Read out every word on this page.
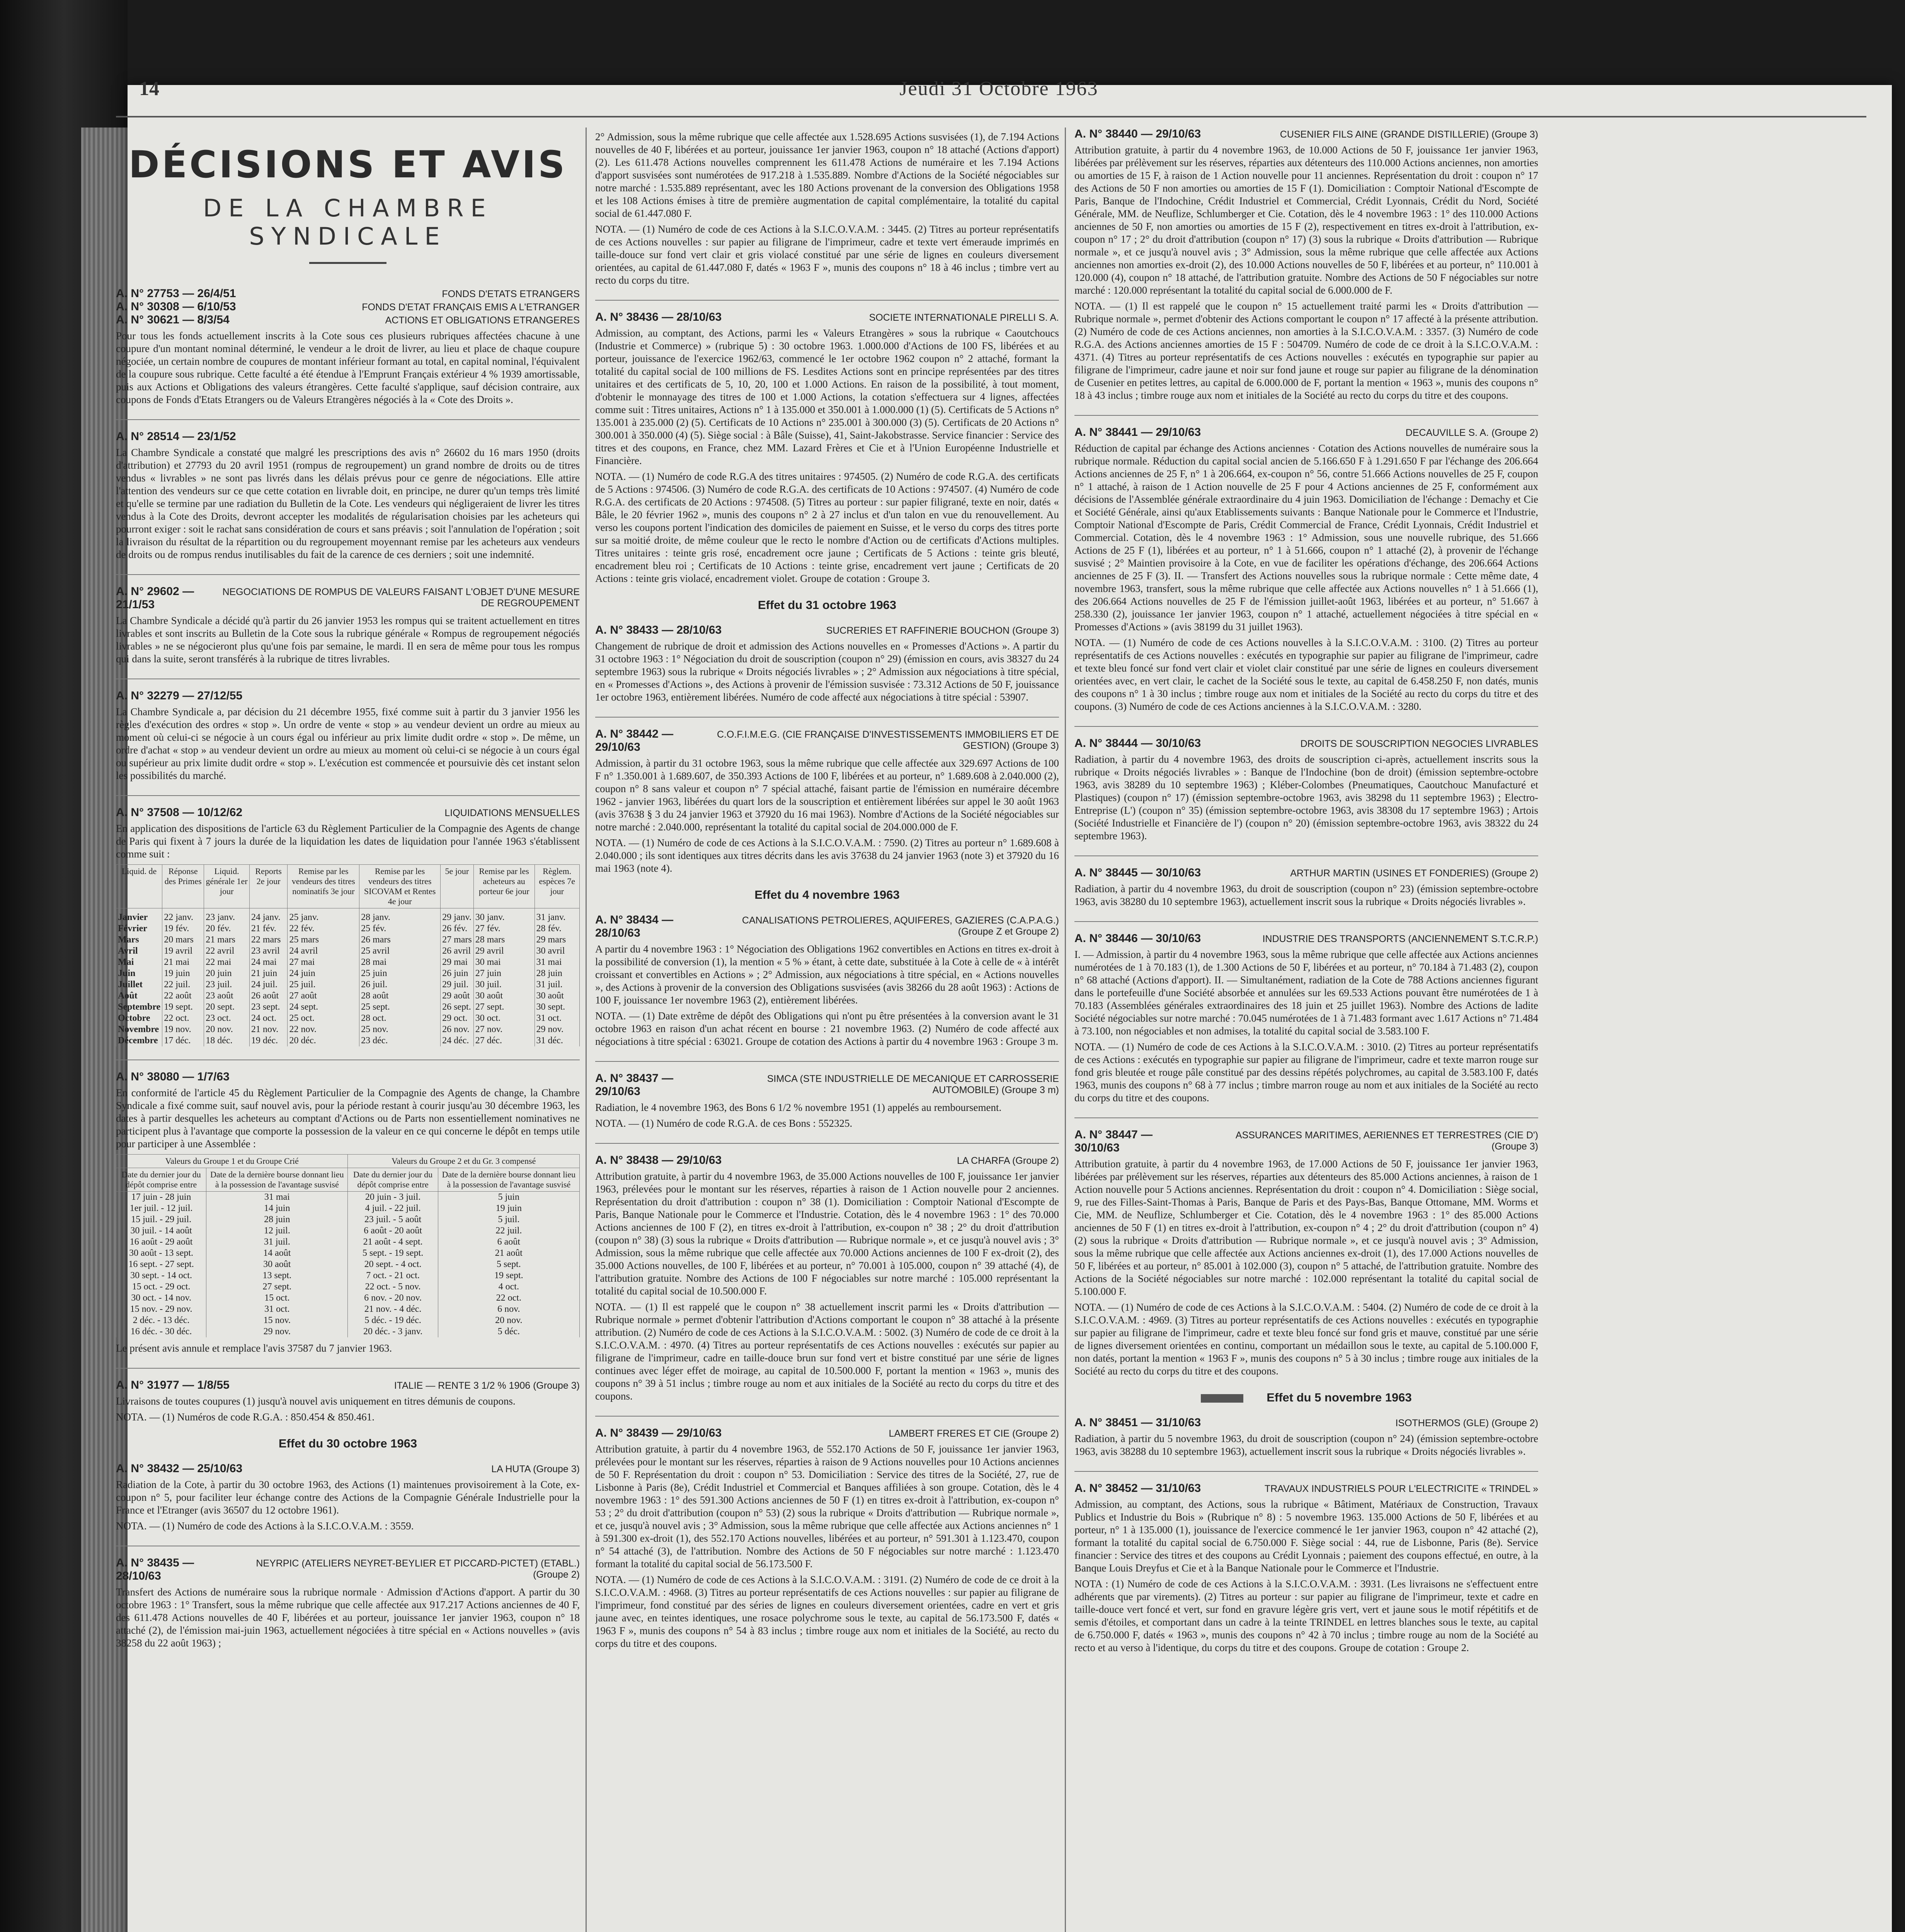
14	Jeudi 31 Octobre 1963
DÉCISIONS ET AVIS
DE LA CHAMBRE SYNDICALE
A. N° 27753 — 26/4/51	FONDS D'ETATS ETRANGERS
A. N° 30308 — 6/10/53	FONDS D'ETAT FRANÇAIS EMIS A L'ETRANGER
A. N° 30621 — 8/3/54	ACTIONS ET OBLIGATIONS ETRANGERES

Pour tous les fonds actuellement inscrits à la Cote sous ces plusieurs rubriques affectées chacune à une coupure d'un montant nominal déterminé, le vendeur a le droit de livrer, au lieu et place de chaque coupure négociée, un certain nombre de coupures de montant inférieur formant au total, en capital nominal, l'équivalent de la coupure sous rubrique. Cette faculté a été étendue à l'Emprunt Français extérieur 4 % 1939 amortissable, puis aux Actions et Obligations des valeurs étrangères. Cette faculté s'applique, sauf décision contraire, aux coupons de Fonds d'Etats Etrangers ou de Valeurs Etrangères négociés à la « Cote des Droits ».

A. N° 28514 — 23/1/52

La Chambre Syndicale a constaté que malgré les prescriptions des avis n° 26602 du 16 mars 1950 (droits d'attribution) et 27793 du 20 avril 1951 (rompus de regroupement) un grand nombre de droits ou de titres vendus « livrables » ne sont pas livrés dans les délais prévus pour ce genre de négociations. Elle attire l'attention des vendeurs sur ce que cette cotation en livrable doit, en principe, ne durer qu'un temps très limité et qu'elle se termine par une radiation du Bulletin de la Cote. Les vendeurs qui négligeraient de livrer les titres vendus à la Cote des Droits, devront accepter les modalités de régularisation choisies par les acheteurs qui pourront exiger : soit le rachat sans considération de cours et sans préavis ; soit l'annulation de l'opération ; soit la livraison du résultat de la répartition ou du regroupement moyennant remise par les acheteurs aux vendeurs de droits ou de rompus rendus inutilisables du fait de la carence de ces derniers ; soit une indemnité.

A. N° 29602 — 21/1/53
NEGOCIATIONS DE ROMPUS DE VALEURS FAISANT L'OBJET D'UNE MESURE DE REGROUPEMENT

La Chambre Syndicale a décidé qu'à partir du 26 janvier 1953 les rompus qui se traitent actuellement en titres livrables et sont inscrits au Bulletin de la Cote sous la rubrique générale « Rompus de regroupement négociés livrables » ne se négocieront plus qu'une fois par semaine, le mardi. Il en sera de même pour tous les rompus qui dans la suite, seront transférés à la rubrique de titres livrables.

A. N° 32279 — 27/12/55

La Chambre Syndicale a, par décision du 21 décembre 1955, fixé comme suit à partir du 3 janvier 1956 les règles d'exécution des ordres « stop ». Un ordre de vente « stop » au vendeur devient un ordre au mieux au moment où celui-ci se négocie à un cours égal ou inférieur au prix limite dudit ordre « stop ». De même, un ordre d'achat « stop » au vendeur devient un ordre au mieux au moment où celui-ci se négocie à un cours égal ou supérieur au prix limite dudit ordre « stop ». L'exécution est commencée et poursuivie dès cet instant selon les possibilités du marché.

A. N° 37508 — 10/12/62	LIQUIDATIONS MENSUELLES

En application des dispositions de l'article 63 du Règlement Particulier de la Compagnie des Agents de change de Paris qui fixent à 7 jours la durée de la liquidation les dates de liquidation pour l'année 1963 s'établissent comme suit :

Liquid. de	Réponse des Primes	Liquid. générale 1er jour	Reports 2e jour	Remise par les vendeurs des titres nominatifs 3e jour	Remise par les vendeurs des titres SICOVAM et Rentes 4e jour	5e jour	Remise par les acheteurs au porteur 6e jour	Règlem. espèces 7e jour
Janvier	22 janv.	23 janv.	24 janv.	25 janv.	28 janv.	29 janv.	30 janv.	31 janv.
Février	19 fév.	20 fév.	21 fév.	22 fév.	25 fév.	26 fév.	27 fév.	28 fév.
Mars	20 mars	21 mars	22 mars	25 mars	26 mars	27 mars	28 mars	29 mars
Avril	19 avril	22 avril	23 avril	24 avril	25 avril	26 avril	29 avril	30 avril
Mai	21 mai	22 mai	24 mai	27 mai	28 mai	29 mai	30 mai	31 mai
Juin	19 juin	20 juin	21 juin	24 juin	25 juin	26 juin	27 juin	28 juin
Juillet	22 juil.	23 juil.	24 juil.	25 juil.	26 juil.	29 juil.	30 juil.	31 juil.
Août	22 août	23 août	26 août	27 août	28 août	29 août	30 août	30 août
Septembre	19 sept.	20 sept.	23 sept.	24 sept.	25 sept.	26 sept.	27 sept.	30 sept.
Octobre	22 oct.	23 oct.	24 oct.	25 oct.	28 oct.	29 oct.	30 oct.	31 oct.
Novembre	19 nov.	20 nov.	21 nov.	22 nov.	25 nov.	26 nov.	27 nov.	29 nov.
Décembre	17 déc.	18 déc.	19 déc.	20 déc.	23 déc.	24 déc.	27 déc.	31 déc.
A. N° 38080 — 1/7/63

En conformité de l'article 45 du Règlement Particulier de la Compagnie des Agents de change, la Chambre Syndicale a fixé comme suit, sauf nouvel avis, pour la période restant à courir jusqu'au 30 décembre 1963, les dates à partir desquelles les acheteurs au comptant d'Actions ou de Parts non essentiellement nominatives ne participent plus à l'avantage que comporte la possession de la valeur en ce qui concerne le dépôt en temps utile pour participer à une Assemblée :

Valeurs du Groupe 1 et du Groupe Crié		Valeurs du Groupe 2 et du Gr. 3 compensé	
Date du dernier jour du dépôt comprise entre	Date de la dernière bourse donnant lieu à la possession de l'avantage susvisé	Date du dernier jour du dépôt comprise entre	Date de la dernière bourse donnant lieu à la possession de l'avantage susvisé
17 juin - 28 juin	31 mai	20 juin - 3 juil.	5 juin
1er juil. - 12 juil.	14 juin	4 juil. - 22 juil.	19 juin
15 juil. - 29 juil.	28 juin	23 juil. - 5 août	5 juil.
30 juil. - 14 août	12 juil.	6 août - 20 août	22 juil.
16 août - 29 août	31 juil.	21 août - 4 sept.	6 août
30 août - 13 sept.	14 août	5 sept. - 19 sept.	21 août
16 sept. - 27 sept.	30 août	20 sept. - 4 oct.	5 sept.
30 sept. - 14 oct.	13 sept.	7 oct. - 21 oct.	19 sept.
15 oct. - 29 oct.	27 sept.	22 oct. - 5 nov.	4 oct.
30 oct. - 14 nov.	15 oct.	6 nov. - 20 nov.	22 oct.
15 nov. - 29 nov.	31 oct.	21 nov. - 4 déc.	6 nov.
2 déc. - 13 déc.	15 nov.	5 déc. - 19 déc.	20 nov.
16 déc. - 30 déc.	29 nov.	20 déc. - 3 janv.	5 déc.

Le présent avis annule et remplace l'avis 37587 du 7 janvier 1963.

A. N° 31977 — 1/8/55	ITALIE — RENTE 3 1/2 % 1906 (Groupe 3)

Livraisons de toutes coupures (1) jusqu'à nouvel avis uniquement en titres démunis de coupons.

NOTA. — (1) Numéros de code R.G.A. : 850.454 & 850.461.

Effet du 30 octobre 1963
A. N° 38432 — 25/10/63	LA HUTA (Groupe 3)

Radiation de la Cote, à partir du 30 octobre 1963, des Actions (1) maintenues provisoirement à la Cote, ex-coupon n° 5, pour faciliter leur échange contre des Actions de la Compagnie Générale Industrielle pour la France et l'Etranger (avis 36507 du 12 octobre 1961).

NOTA. — (1) Numéro de code des Actions à la S.I.C.O.V.A.M. : 3559.

A. N° 38435 — 28/10/63
NEYRPIC (ATELIERS NEYRET-BEYLIER ET PICCARD-PICTET) (ETABL.) (Groupe 2)

Transfert des Actions de numéraire sous la rubrique normale · Admission d'Actions d'apport. A partir du 30 octobre 1963 : 1° Transfert, sous la même rubrique que celle affectée aux 917.217 Actions anciennes de 40 F, des 611.478 Actions nouvelles de 40 F, libérées et au porteur, jouissance 1er janvier 1963, coupon n° 18 attaché (2), de l'émission mai-juin 1963, actuellement négociées à titre spécial en « Actions nouvelles » (avis 38258 du 22 août 1963) ;

2° Admission, sous la même rubrique que celle affectée aux 1.528.695 Actions susvisées (1), de 7.194 Actions nouvelles de 40 F, libérées et au porteur, jouissance 1er janvier 1963, coupon n° 18 attaché (Actions d'apport) (2). Les 611.478 Actions nouvelles comprennent les 611.478 Actions de numéraire et les 7.194 Actions d'apport susvisées sont numérotées de 917.218 à 1.535.889. Nombre d'Actions de la Société négociables sur notre marché : 1.535.889 représentant, avec les 180 Actions provenant de la conversion des Obligations 1958 et les 108 Actions émises à titre de première augmentation de capital complémentaire, la totalité du capital social de 61.447.080 F.

NOTA. — (1) Numéro de code de ces Actions à la S.I.C.O.V.A.M. : 3445. (2) Titres au porteur représentatifs de ces Actions nouvelles : sur papier au filigrane de l'imprimeur, cadre et texte vert émeraude imprimés en taille-douce sur fond vert clair et gris violacé constitué par une série de lignes en couleurs diversement orientées, au capital de 61.447.080 F, datés « 1963 F », munis des coupons n° 18 à 46 inclus ; timbre vert au recto du corps du titre.

A. N° 38436 — 28/10/63	SOCIETE INTERNATIONALE PIRELLI S. A.

Admission, au comptant, des Actions, parmi les « Valeurs Etrangères » sous la rubrique « Caoutchoucs (Industrie et Commerce) » (rubrique 5) : 30 octobre 1963. 1.000.000 d'Actions de 100 FS, libérées et au porteur, jouissance de l'exercice 1962/63, commencé le 1er octobre 1962 coupon n° 2 attaché, formant la totalité du capital social de 100 millions de FS. Lesdites Actions sont en principe représentées par des titres unitaires et des certificats de 5, 10, 20, 100 et 1.000 Actions. En raison de la possibilité, à tout moment, d'obtenir le monnayage des titres de 100 et 1.000 Actions, la cotation s'effectuera sur 4 lignes, affectées comme suit : Titres unitaires, Actions n° 1 à 135.000 et 350.001 à 1.000.000 (1) (5). Certificats de 5 Actions n° 135.001 à 235.000 (2) (5). Certificats de 10 Actions n° 235.001 à 300.000 (3) (5). Certificats de 20 Actions n° 300.001 à 350.000 (4) (5). Siège social : à Bâle (Suisse), 41, Saint-Jakobstrasse. Service financier : Service des titres et des coupons, en France, chez MM. Lazard Frères et Cie et à l'Union Européenne Industrielle et Financière.

NOTA. — (1) Numéro de code R.G.A des titres unitaires : 974505. (2) Numéro de code R.G.A. des certificats de 5 Actions : 974506. (3) Numéro de code R.G.A. des certificats de 10 Actions : 974507. (4) Numéro de code R.G.A. des certificats de 20 Actions : 974508. (5) Titres au porteur : sur papier filigrané, texte en noir, datés « Bâle, le 20 février 1962 », munis des coupons n° 2 à 27 inclus et d'un talon en vue du renouvellement. Au verso les coupons portent l'indication des domiciles de paiement en Suisse, et le verso du corps des titres porte sur sa moitié droite, de même couleur que le recto le nombre d'Action ou de certificats d'Actions multiples. Titres unitaires : teinte gris rosé, encadrement ocre jaune ; Certificats de 5 Actions : teinte gris bleuté, encadrement bleu roi ; Certificats de 10 Actions : teinte grise, encadrement vert jaune ; Certificats de 20 Actions : teinte gris violacé, encadrement violet. Groupe de cotation : Groupe 3.

Effet du 31 octobre 1963
A. N° 38433 — 28/10/63	SUCRERIES ET RAFFINERIE BOUCHON (Groupe 3)

Changement de rubrique de droit et admission des Actions nouvelles en « Promesses d'Actions ». A partir du 31 octobre 1963 : 1° Négociation du droit de souscription (coupon n° 29) (émission en cours, avis 38327 du 24 septembre 1963) sous la rubrique « Droits négociés livrables » ; 2° Admission aux négociations à titre spécial, en « Promesses d'Actions », des Actions à provenir de l'émission susvisée : 73.312 Actions de 50 F, jouissance 1er octobre 1963, entièrement libérées. Numéro de code affecté aux négociations à titre spécial : 53907.

A. N° 38442 — 29/10/63
C.O.F.I.M.E.G. (CIE FRANÇAISE D'INVESTISSEMENTS IMMOBILIERS ET DE GESTION) (Groupe 3)

Admission, à partir du 31 octobre 1963, sous la même rubrique que celle affectée aux 329.697 Actions de 100 F n° 1.350.001 à 1.689.607, de 350.393 Actions de 100 F, libérées et au porteur, n° 1.689.608 à 2.040.000 (2), coupon n° 8 sans valeur et coupon n° 7 spécial attaché, faisant partie de l'émission en numéraire décembre 1962 - janvier 1963, libérées du quart lors de la souscription et entièrement libérées sur appel le 30 août 1963 (avis 37638 § 3 du 24 janvier 1963 et 37920 du 16 mai 1963). Nombre d'Actions de la Société négociables sur notre marché : 2.040.000, représentant la totalité du capital social de 204.000.000 de F.

NOTA. — (1) Numéro de code de ces Actions à la S.I.C.O.V.A.M. : 7590. (2) Titres au porteur n° 1.689.608 à 2.040.000 ; ils sont identiques aux titres décrits dans les avis 37638 du 24 janvier 1963 (note 3) et 37920 du 16 mai 1963 (note 4).

Effet du 4 novembre 1963
A. N° 38434 — 28/10/63
CANALISATIONS PETROLIERES, AQUIFERES, GAZIERES (C.A.P.A.G.) (Groupe Z et Groupe 2)

A partir du 4 novembre 1963 : 1° Négociation des Obligations 1962 convertibles en Actions en titres ex-droit à la possibilité de conversion (1), la mention « 5 % » étant, à cette date, substituée à la Cote à celle de « à intérêt croissant et convertibles en Actions » ; 2° Admission, aux négociations à titre spécial, en « Actions nouvelles », des Actions à provenir de la conversion des Obligations susvisées (avis 38266 du 28 août 1963) : Actions de 100 F, jouissance 1er novembre 1963 (2), entièrement libérées.

NOTA. — (1) Date extrême de dépôt des Obligations qui n'ont pu être présentées à la conversion avant le 31 octobre 1963 en raison d'un achat récent en bourse : 21 novembre 1963. (2) Numéro de code affecté aux négociations à titre spécial : 63021. Groupe de cotation des Actions à partir du 4 novembre 1963 : Groupe 3 m.

A. N° 38437 — 29/10/63
SIMCA (STE INDUSTRIELLE DE MECANIQUE ET CARROSSERIE AUTOMOBILE) (Groupe 3 m)

Radiation, le 4 novembre 1963, des Bons 6 1/2 % novembre 1951 (1) appelés au remboursement.

NOTA. — (1) Numéro de code R.G.A. de ces Bons : 552325.

A. N° 38438 — 29/10/63	LA CHARFA (Groupe 2)

Attribution gratuite, à partir du 4 novembre 1963, de 35.000 Actions nouvelles de 100 F, jouissance 1er janvier 1963, prélevées pour le montant sur les réserves, réparties à raison de 1 Action nouvelle pour 2 anciennes. Représentation du droit d'attribution : coupon n° 38 (1). Domiciliation : Comptoir National d'Escompte de Paris, Banque Nationale pour le Commerce et l'Industrie. Cotation, dès le 4 novembre 1963 : 1° des 70.000 Actions anciennes de 100 F (2), en titres ex-droit à l'attribution, ex-coupon n° 38 ; 2° du droit d'attribution (coupon n° 38) (3) sous la rubrique « Droits d'attribution — Rubrique normale », et ce jusqu'à nouvel avis ; 3° Admission, sous la même rubrique que celle affectée aux 70.000 Actions anciennes de 100 F ex-droit (2), des 35.000 Actions nouvelles, de 100 F, libérées et au porteur, n° 70.001 à 105.000, coupon n° 39 attaché (4), de l'attribution gratuite. Nombre des Actions de 100 F négociables sur notre marché : 105.000 représentant la totalité du capital social de 10.500.000 F.

NOTA. — (1) Il est rappelé que le coupon n° 38 actuellement inscrit parmi les « Droits d'attribution — Rubrique normale » permet d'obtenir l'attribution d'Actions comportant le coupon n° 38 attaché à la présente attribution. (2) Numéro de code de ces Actions à la S.I.C.O.V.A.M. : 5002. (3) Numéro de code de ce droit à la S.I.C.O.V.A.M. : 4970. (4) Titres au porteur représentatifs de ces Actions nouvelles : exécutés sur papier au filigrane de l'imprimeur, cadre en taille-douce brun sur fond vert et bistre constitué par une série de lignes continues avec léger effet de moirage, au capital de 10.500.000 F, portant la mention « 1963 », munis des coupons n° 39 à 51 inclus ; timbre rouge au nom et aux initiales de la Société au recto du corps du titre et des coupons.

A. N° 38439 — 29/10/63	LAMBERT FRERES ET CIE (Groupe 2)

Attribution gratuite, à partir du 4 novembre 1963, de 552.170 Actions de 50 F, jouissance 1er janvier 1963, prélevées pour le montant sur les réserves, réparties à raison de 9 Actions nouvelles pour 10 Actions anciennes de 50 F. Représentation du droit : coupon n° 53. Domiciliation : Service des titres de la Société, 27, rue de Lisbonne à Paris (8e), Crédit Industriel et Commercial et Banques affiliées à son groupe. Cotation, dès le 4 novembre 1963 : 1° des 591.300 Actions anciennes de 50 F (1) en titres ex-droit à l'attribution, ex-coupon n° 53 ; 2° du droit d'attribution (coupon n° 53) (2) sous la rubrique « Droits d'attribution — Rubrique normale », et ce, jusqu'à nouvel avis ; 3° Admission, sous la même rubrique que celle affectée aux Actions anciennes n° 1 à 591.300 ex-droit (1), des 552.170 Actions nouvelles, libérées et au porteur, n° 591.301 à 1.123.470, coupon n° 54 attaché (3), de l'attribution. Nombre des Actions de 50 F négociables sur notre marché : 1.123.470 formant la totalité du capital social de 56.173.500 F.

NOTA. — (1) Numéro de code de ces Actions à la S.I.C.O.V.A.M. : 3191. (2) Numéro de code de ce droit à la S.I.C.O.V.A.M. : 4968. (3) Titres au porteur représentatifs de ces Actions nouvelles : sur papier au filigrane de l'imprimeur, fond constitué par des séries de lignes en couleurs diversement orientées, cadre en vert et gris jaune avec, en teintes identiques, une rosace polychrome sous le texte, au capital de 56.173.500 F, datés « 1963 F », munis des coupons n° 54 à 83 inclus ; timbre rouge aux nom et initiales de la Société, au recto du corps du titre et des coupons.

A. N° 38440 — 29/10/63	CUSENIER FILS AINE (GRANDE DISTILLERIE) (Groupe 3)

Attribution gratuite, à partir du 4 novembre 1963, de 10.000 Actions de 50 F, jouissance 1er janvier 1963, libérées par prélèvement sur les réserves, réparties aux détenteurs des 110.000 Actions anciennes, non amorties ou amorties de 15 F, à raison de 1 Action nouvelle pour 11 anciennes. Représentation du droit : coupon n° 17 des Actions de 50 F non amorties ou amorties de 15 F (1). Domiciliation : Comptoir National d'Escompte de Paris, Banque de l'Indochine, Crédit Industriel et Commercial, Crédit Lyonnais, Crédit du Nord, Société Générale, MM. de Neuflize, Schlumberger et Cie. Cotation, dès le 4 novembre 1963 : 1° des 110.000 Actions anciennes de 50 F, non amorties ou amorties de 15 F (2), respectivement en titres ex-droit à l'attribution, ex-coupon n° 17 ; 2° du droit d'attribution (coupon n° 17) (3) sous la rubrique « Droits d'attribution — Rubrique normale », et ce jusqu'à nouvel avis ; 3° Admission, sous la même rubrique que celle affectée aux Actions anciennes non amorties ex-droit (2), des 10.000 Actions nouvelles de 50 F, libérées et au porteur, n° 110.001 à 120.000 (4), coupon n° 18 attaché, de l'attribution gratuite. Nombre des Actions de 50 F négociables sur notre marché : 120.000 représentant la totalité du capital social de 6.000.000 de F.

NOTA. — (1) Il est rappelé que le coupon n° 15 actuellement traité parmi les « Droits d'attribution — Rubrique normale », permet d'obtenir des Actions comportant le coupon n° 17 affecté à la présente attribution. (2) Numéro de code de ces Actions anciennes, non amorties à la S.I.C.O.V.A.M. : 3357. (3) Numéro de code R.G.A. des Actions anciennes amorties de 15 F : 504709. Numéro de code de ce droit à la S.I.C.O.V.A.M. : 4371. (4) Titres au porteur représentatifs de ces Actions nouvelles : exécutés en typographie sur papier au filigrane de l'imprimeur, cadre jaune et noir sur fond jaune et rouge sur papier au filigrane de la dénomination de Cusenier en petites lettres, au capital de 6.000.000 de F, portant la mention « 1963 », munis des coupons n° 18 à 43 inclus ; timbre rouge aux nom et initiales de la Société au recto du corps du titre et des coupons.

A. N° 38441 — 29/10/63	DECAUVILLE S. A. (Groupe 2)

Réduction de capital par échange des Actions anciennes · Cotation des Actions nouvelles de numéraire sous la rubrique normale. Réduction du capital social ancien de 5.166.650 F à 1.291.650 F par l'échange des 206.664 Actions anciennes de 25 F, n° 1 à 206.664, ex-coupon n° 56, contre 51.666 Actions nouvelles de 25 F, coupon n° 1 attaché, à raison de 1 Action nouvelle de 25 F pour 4 Actions anciennes de 25 F, conformément aux décisions de l'Assemblée générale extraordinaire du 4 juin 1963. Domiciliation de l'échange : Demachy et Cie et Société Générale, ainsi qu'aux Etablissements suivants : Banque Nationale pour le Commerce et l'Industrie, Comptoir National d'Escompte de Paris, Crédit Commercial de France, Crédit Lyonnais, Crédit Industriel et Commercial. Cotation, dès le 4 novembre 1963 : 1° Admission, sous une nouvelle rubrique, des 51.666 Actions de 25 F (1), libérées et au porteur, n° 1 à 51.666, coupon n° 1 attaché (2), à provenir de l'échange susvisé ; 2° Maintien provisoire à la Cote, en vue de faciliter les opérations d'échange, des 206.664 Actions anciennes de 25 F (3). II. — Transfert des Actions nouvelles sous la rubrique normale : Cette même date, 4 novembre 1963, transfert, sous la même rubrique que celle affectée aux Actions nouvelles n° 1 à 51.666 (1), des 206.664 Actions nouvelles de 25 F de l'émission juillet-août 1963, libérées et au porteur, n° 51.667 à 258.330 (2), jouissance 1er janvier 1963, coupon n° 1 attaché, actuellement négociées à titre spécial en « Promesses d'Actions » (avis 38199 du 31 juillet 1963).

NOTA. — (1) Numéro de code de ces Actions nouvelles à la S.I.C.O.V.A.M. : 3100. (2) Titres au porteur représentatifs de ces Actions nouvelles : exécutés en typographie sur papier au filigrane de l'imprimeur, cadre et texte bleu foncé sur fond vert clair et violet clair constitué par une série de lignes en couleurs diversement orientées avec, en vert clair, le cachet de la Société sous le texte, au capital de 6.458.250 F, non datés, munis des coupons n° 1 à 30 inclus ; timbre rouge aux nom et initiales de la Société au recto du corps du titre et des coupons. (3) Numéro de code de ces Actions anciennes à la S.I.C.O.V.A.M. : 3280.

A. N° 38444 — 30/10/63	DROITS DE SOUSCRIPTION NEGOCIES LIVRABLES

Radiation, à partir du 4 novembre 1963, des droits de souscription ci-après, actuellement inscrits sous la rubrique « Droits négociés livrables » : Banque de l'Indochine (bon de droit) (émission septembre-octobre 1963, avis 38289 du 10 septembre 1963) ; Kléber-Colombes (Pneumatiques, Caoutchouc Manufacturé et Plastiques) (coupon n° 17) (émission septembre-octobre 1963, avis 38298 du 11 septembre 1963) ; Electro-Entreprise (L') (coupon n° 35) (émission septembre-octobre 1963, avis 38308 du 17 septembre 1963) ; Artois (Société Industrielle et Financière de l') (coupon n° 20) (émission septembre-octobre 1963, avis 38322 du 24 septembre 1963).

A. N° 38445 — 30/10/63	ARTHUR MARTIN (USINES ET FONDERIES) (Groupe 2)

Radiation, à partir du 4 novembre 1963, du droit de souscription (coupon n° 23) (émission septembre-octobre 1963, avis 38280 du 10 septembre 1963), actuellement inscrit sous la rubrique « Droits négociés livrables ».

A. N° 38446 — 30/10/63	INDUSTRIE DES TRANSPORTS (ANCIENNEMENT S.T.C.R.P.)

I. — Admission, à partir du 4 novembre 1963, sous la même rubrique que celle affectée aux Actions anciennes numérotées de 1 à 70.183 (1), de 1.300 Actions de 50 F, libérées et au porteur, n° 70.184 à 71.483 (2), coupon n° 68 attaché (Actions d'apport). II. — Simultanément, radiation de la Cote de 788 Actions anciennes figurant dans le portefeuille d'une Société absorbée et annulées sur les 69.533 Actions pouvant être numérotées de 1 à 70.183 (Assemblées générales extraordinaires des 18 juin et 25 juillet 1963). Nombre des Actions de ladite Société négociables sur notre marché : 70.045 numérotées de 1 à 71.483 formant avec 1.617 Actions n° 71.484 à 73.100, non négociables et non admises, la totalité du capital social de 3.583.100 F.

NOTA. — (1) Numéro de code de ces Actions à la S.I.C.O.V.A.M. : 3010. (2) Titres au porteur représentatifs de ces Actions : exécutés en typographie sur papier au filigrane de l'imprimeur, cadre et texte marron rouge sur fond gris bleutée et rouge pâle constitué par des dessins répétés polychromes, au capital de 3.583.100 F, datés 1963, munis des coupons n° 68 à 77 inclus ; timbre marron rouge au nom et aux initiales de la Société au recto du corps du titre et des coupons.

A. N° 38447 — 30/10/63
ASSURANCES MARITIMES, AERIENNES ET TERRESTRES (CIE D') (Groupe 3)

Attribution gratuite, à partir du 4 novembre 1963, de 17.000 Actions de 50 F, jouissance 1er janvier 1963, libérées par prélèvement sur les réserves, réparties aux détenteurs des 85.000 Actions anciennes, à raison de 1 Action nouvelle pour 5 Actions anciennes. Représentation du droit : coupon n° 4. Domiciliation : Siège social, 9, rue des Filles-Saint-Thomas à Paris, Banque de Paris et des Pays-Bas, Banque Ottomane, MM. Worms et Cie, MM. de Neuflize, Schlumberger et Cie. Cotation, dès le 4 novembre 1963 : 1° des 85.000 Actions anciennes de 50 F (1) en titres ex-droit à l'attribution, ex-coupon n° 4 ; 2° du droit d'attribution (coupon n° 4) (2) sous la rubrique « Droits d'attribution — Rubrique normale », et ce jusqu'à nouvel avis ; 3° Admission, sous la même rubrique que celle affectée aux Actions anciennes ex-droit (1), des 17.000 Actions nouvelles de 50 F, libérées et au porteur, n° 85.001 à 102.000 (3), coupon n° 5 attaché, de l'attribution gratuite. Nombre des Actions de la Société négociables sur notre marché : 102.000 représentant la totalité du capital social de 5.100.000 F.

NOTA. — (1) Numéro de code de ces Actions à la S.I.C.O.V.A.M. : 5404. (2) Numéro de code de ce droit à la S.I.C.O.V.A.M. : 4969. (3) Titres au porteur représentatifs de ces Actions nouvelles : exécutés en typographie sur papier au filigrane de l'imprimeur, cadre et texte bleu foncé sur fond gris et mauve, constitué par une série de lignes diversement orientées en continu, comportant un médaillon sous le texte, au capital de 5.100.000 F, non datés, portant la mention « 1963 F », munis des coupons n° 5 à 30 inclus ; timbre rouge aux initiales de la Société au recto du corps du titre et des coupons.

Effet du 5 novembre 1963
A. N° 38451 — 31/10/63	ISOTHERMOS (GLE) (Groupe 2)

Radiation, à partir du 5 novembre 1963, du droit de souscription (coupon n° 24) (émission septembre-octobre 1963, avis 38288 du 10 septembre 1963), actuellement inscrit sous la rubrique « Droits négociés livrables ».

A. N° 38452 — 31/10/63	TRAVAUX INDUSTRIELS POUR L'ELECTRICITE « TRINDEL »

Admission, au comptant, des Actions, sous la rubrique « Bâtiment, Matériaux de Construction, Travaux Publics et Industrie du Bois » (Rubrique n° 8) : 5 novembre 1963. 135.000 Actions de 50 F, libérées et au porteur, n° 1 à 135.000 (1), jouissance de l'exercice commencé le 1er janvier 1963, coupon n° 42 attaché (2), formant la totalité du capital social de 6.750.000 F. Siège social : 44, rue de Lisbonne, Paris (8e). Service financier : Service des titres et des coupons au Crédit Lyonnais ; paiement des coupons effectué, en outre, à la Banque Louis Dreyfus et Cie et à la Banque Nationale pour le Commerce et l'Industrie.

NOTA : (1) Numéro de code de ces Actions à la S.I.C.O.V.A.M. : 3931. (Les livraisons ne s'effectuent entre adhérents que par virements). (2) Titres au porteur : sur papier au filigrane de l'imprimeur, texte et cadre en taille-douce vert foncé et vert, sur fond en gravure légère gris vert, vert et jaune sous le motif répétitifs et de semis d'étoiles, et comportant dans un cadre à la teinte TRINDEL en lettres blanches sous le texte, au capital de 6.750.000 F, datés « 1963 », munis des coupons n° 42 à 70 inclus ; timbre rouge au nom de la Société au recto et au verso à l'identique, du corps du titre et des coupons. Groupe de cotation : Groupe 2.
